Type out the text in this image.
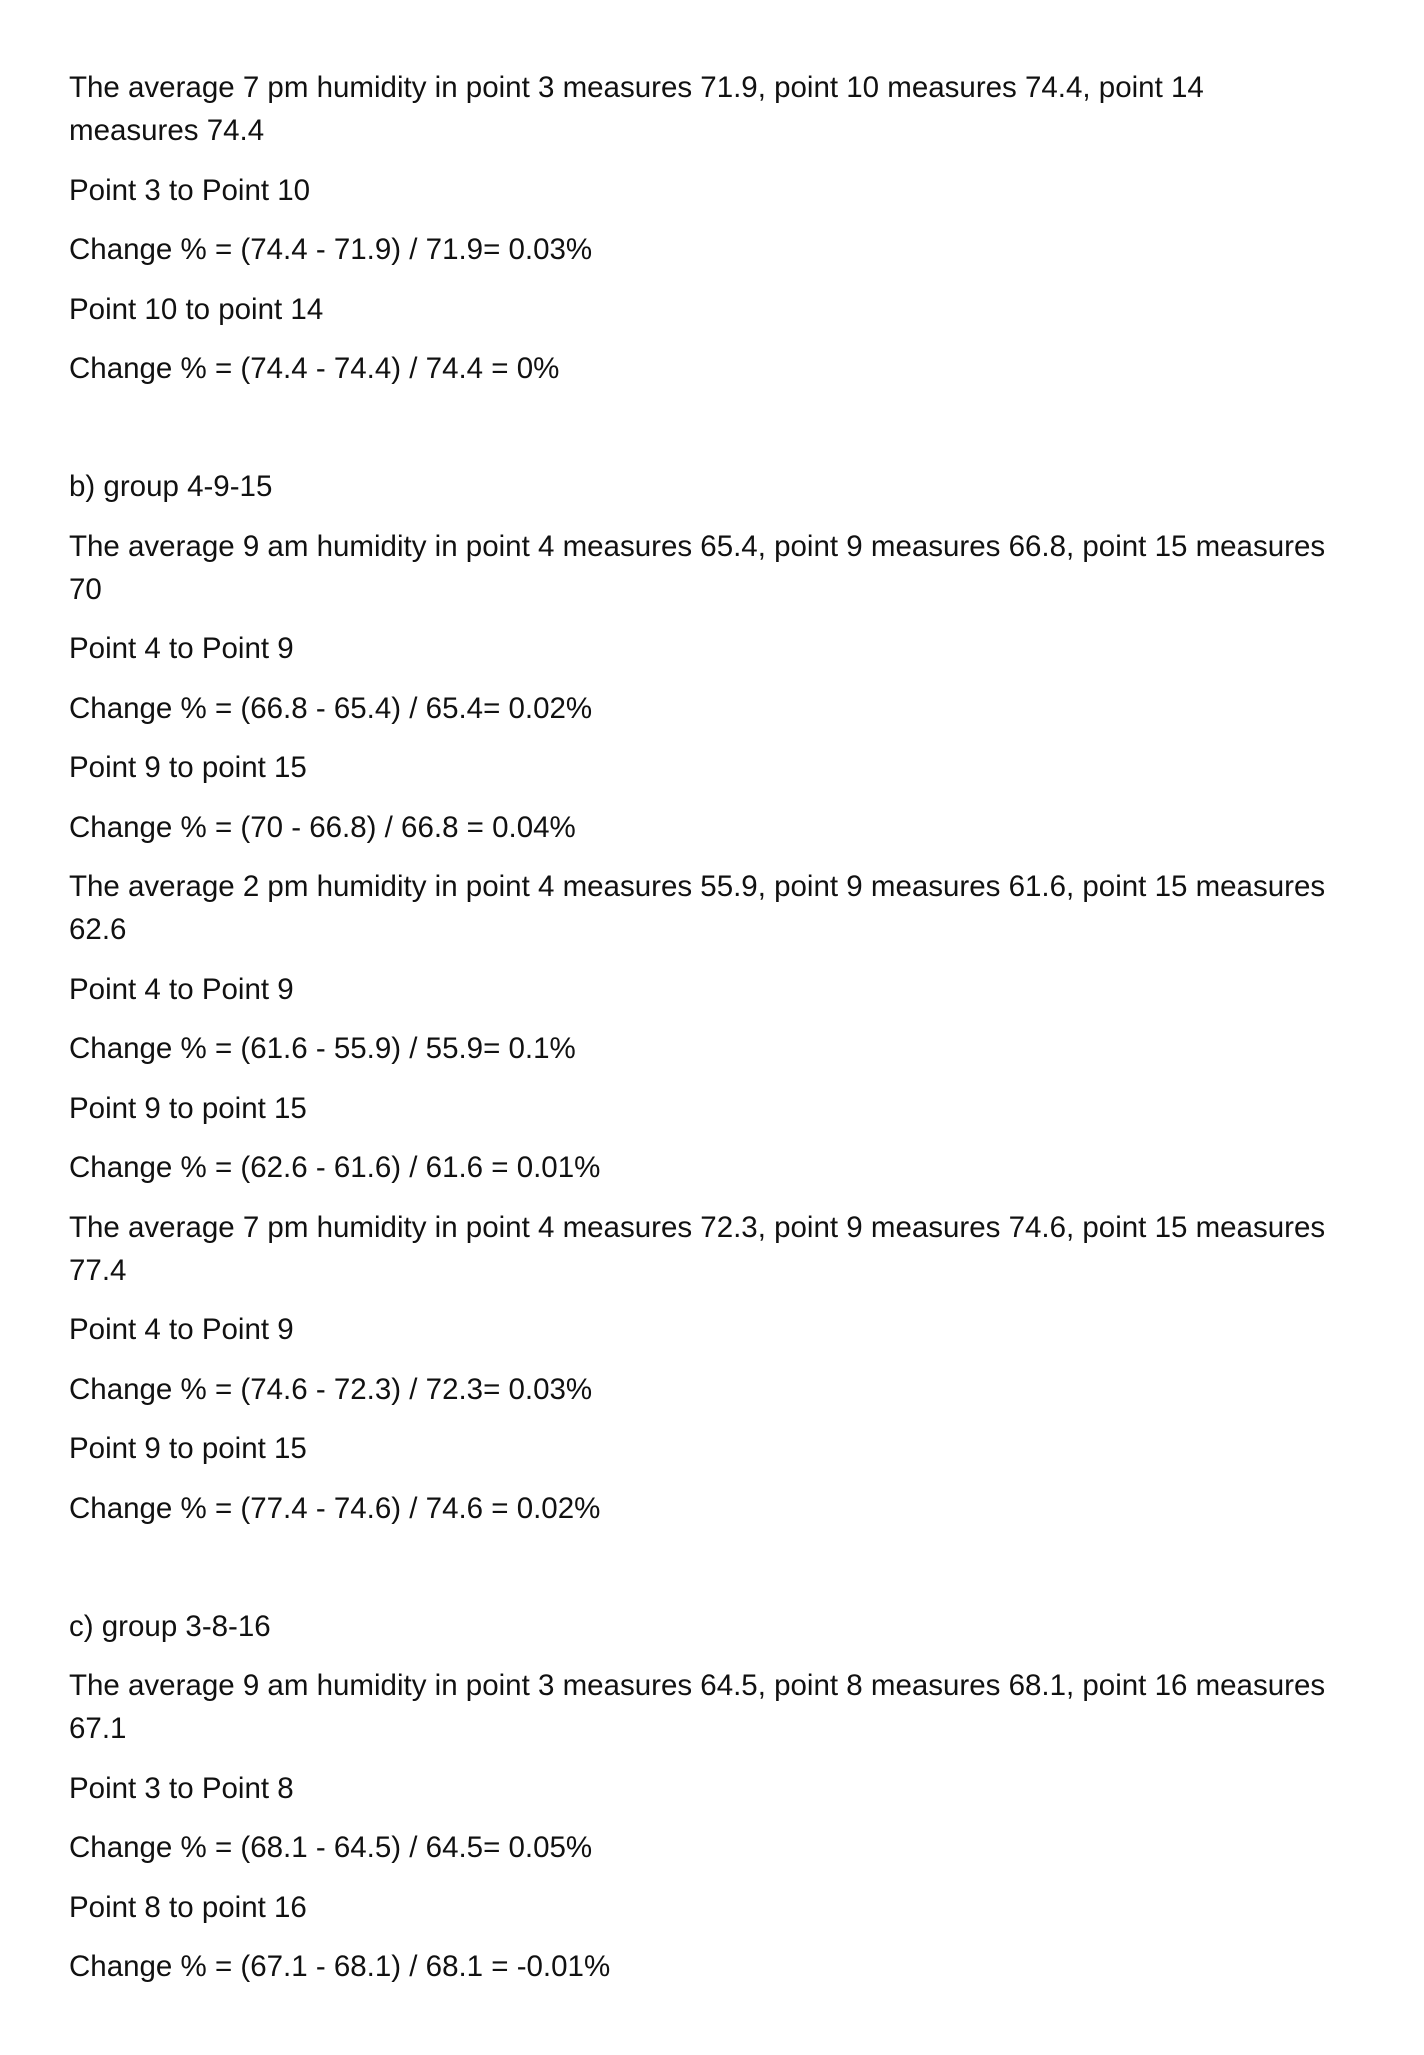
The average 7 pm humidity in point 3 measures 71.9, point 10 measures 74.4, point 14 measures 74.4

Point 3 to Point 10

Change % = (74.4 - 71.9) / 71.9= 0.03%

Point 10 to point 14

Change % = (74.4 - 74.4) / 74.4 = 0%

b) group 4-9-15

The average 9 am humidity in point 4 measures 65.4, point 9 measures 66.8, point 15 measures 70

Point 4 to Point 9

Change % = (66.8 - 65.4) / 65.4= 0.02%

Point 9 to point 15

Change % = (70 - 66.8) / 66.8 = 0.04%

The average 2 pm humidity in point 4 measures 55.9, point 9 measures 61.6, point 15 measures 62.6

Point 4 to Point 9

Change % = (61.6 - 55.9) / 55.9= 0.1%

Point 9 to point 15

Change % = (62.6 - 61.6) / 61.6 = 0.01%

The average 7 pm humidity in point 4 measures 72.3, point 9 measures 74.6, point 15 measures 77.4

Point 4 to Point 9

Change % = (74.6 - 72.3) / 72.3= 0.03%

Point 9 to point 15

Change % = (77.4 - 74.6) / 74.6 = 0.02%

c) group 3-8-16

The average 9 am humidity in point 3 measures 64.5, point 8 measures 68.1, point 16 measures 67.1

Point 3 to Point 8

Change % = (68.1 - 64.5) / 64.5= 0.05%

Point 8 to point 16

Change % = (67.1 - 68.1) / 68.1 = -0.01%
